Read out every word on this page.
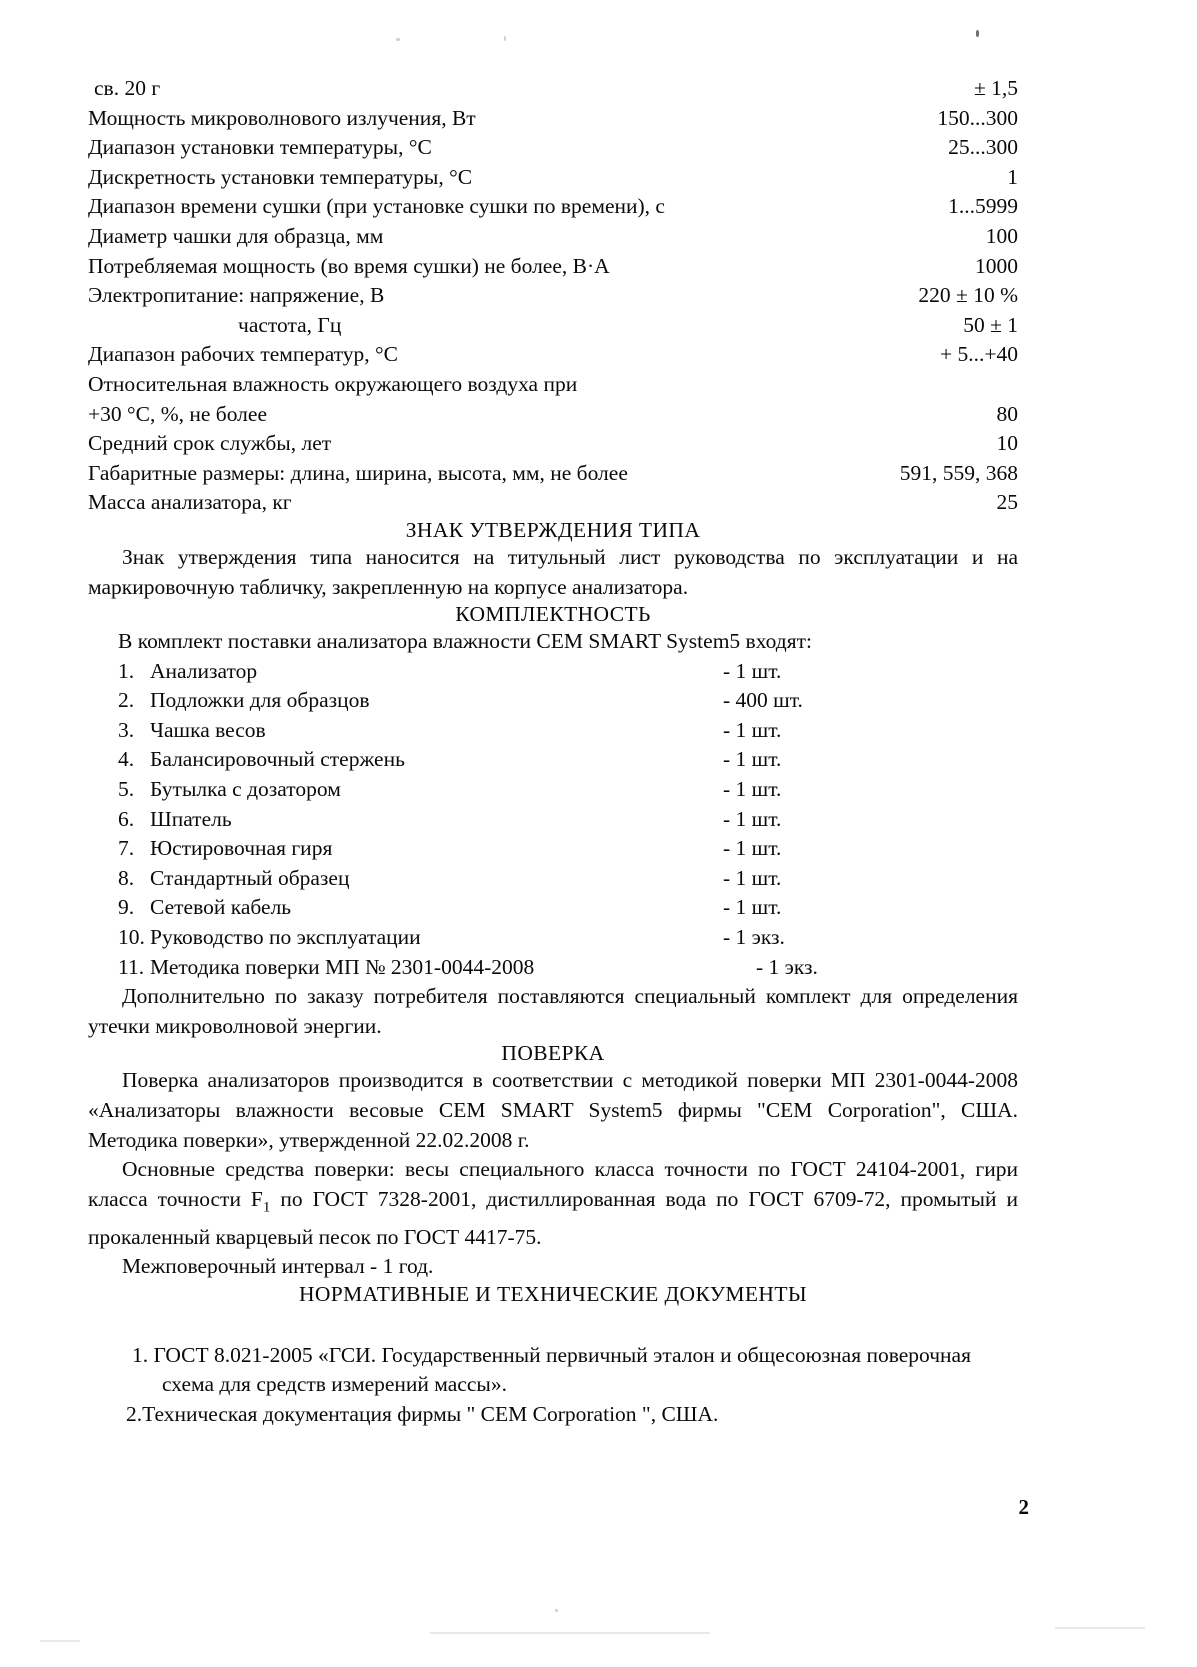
св. 20 г	± 1,5
Мощность микроволнового излучения, Вт	150...300
Диапазон установки температуры, °С	25...300
Дискретность установки температуры, °С	1
Диапазон времени сушки (при установке сушки по времени), с	1...5999
Диаметр чашки для образца, мм	100
Потребляемая мощность (во время сушки) не более, В·А	1000
Электропитание: напряжение, В	220 ± 10 %
частота, Гц	50 ± 1
Диапазон рабочих температур, °С	+ 5...+40
Относительная влажность окружающего воздуха при	
+30 °С, %, не более	80
Средний срок службы, лет	10
Габаритные размеры: длина, ширина, высота, мм, не более	591, 559, 368
Масса анализатора, кг	25
ЗНАК УТВЕРЖДЕНИЯ ТИПА

Знак утверждения типа наносится на титульный лист руководства по эксплуатации и на маркировочную табличку, закрепленную на корпусе анализатора.

КОМПЛЕКТНОСТЬ

В комплект поставки анализатора влажности СЕМ SMART System5 входят:

1. Анализатор	- 1 шт.
2. Подложки для образцов	- 400 шт.
3. Чашка весов	- 1 шт.
4. Балансировочный стержень	- 1 шт.
5. Бутылка с дозатором	- 1 шт.
6. Шпатель	- 1 шт.
7. Юстировочная гиря	- 1 шт.
8. Стандартный образец	- 1 шт.
9. Сетевой кабель	- 1 шт.
10. Руководство по эксплуатации	- 1 экз.
11. Методика поверки МП № 2301-0044-2008	- 1 экз.

Дополнительно по заказу потребителя поставляются специальный комплект для определения утечки микроволновой энергии.

ПОВЕРКА

Поверка анализаторов производится в соответствии с методикой поверки МП 2301-0044-2008 «Анализаторы влажности весовые СЕМ SMART System5 фирмы "CEM Corporation", США. Методика поверки», утвержденной 22.02.2008 г.

Основные средства поверки: весы специального класса точности по ГОСТ 24104-2001, гири класса точности $F_1$ по ГОСТ 7328-2001, дистиллированная вода по ГОСТ 6709-72, промытый и прокаленный кварцевый песок по ГОСТ 4417-75.

Межповерочный интервал - 1 год.

НОРМАТИВНЫЕ И ТЕХНИЧЕСКИЕ ДОКУМЕНТЫ
1. ГОСТ 8.021-2005 «ГСИ. Государственный первичный эталон и общесоюзная поверочная схема для средств измерений массы».
2.Техническая документация фирмы " CEM Corporation ", США.
2
